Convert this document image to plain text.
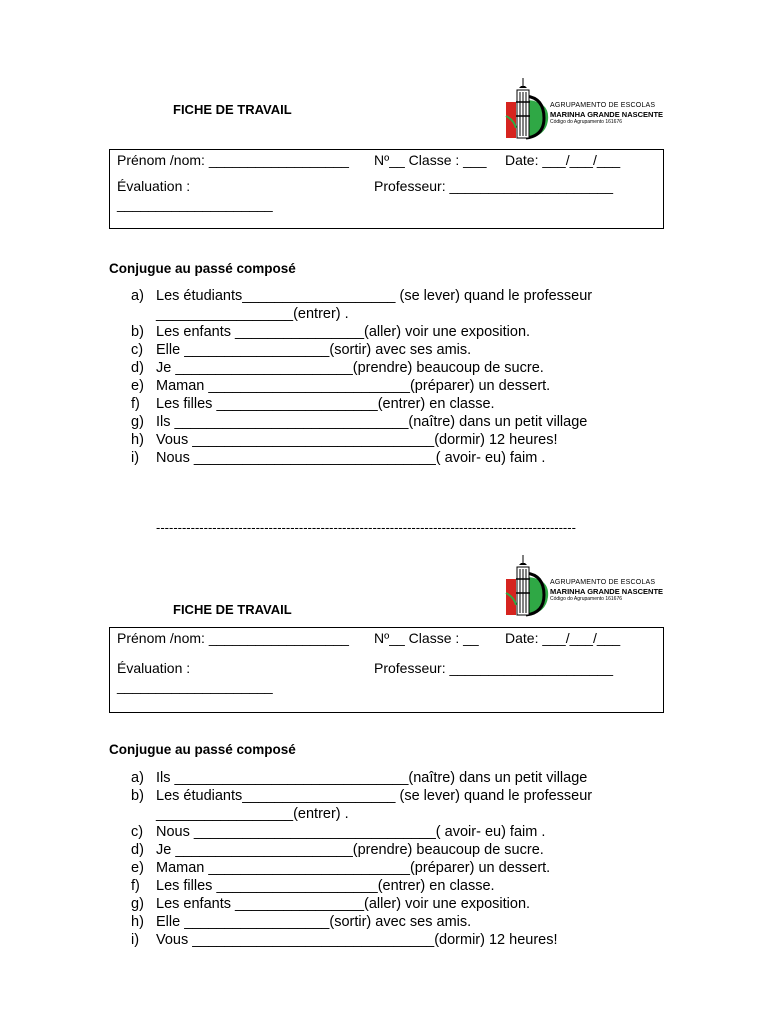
FICHE DE TRAVAIL	AGRUPAMENTO DE ESCOLAS
MARINHA GRANDE NASCENTE
Código do Agrupamento 161676
Prénom /nom: __________________ Nº__ Classe : ___ Date: ___/___/___
Évaluation :	Professeur: _____________________
____________________
Conjugue au passé composé
a) Les étudiants___________________ (se lever) quand le professeur
_________________(entrer) .
b) Les enfants ________________(aller) voir une exposition.
c) Elle __________________(sortir) avec ses amis.
d) Je ______________________(prendre) beaucoup de sucre.
e) Maman _________________________(préparer) un dessert.
f) Les filles ____________________(entrer) en classe.
g) Ils _____________________________(naître) dans un petit village
h) Vous ______________________________(dormir) 12 heures!
i) Nous ______________________________( avoir- eu) faim .
-------------------------------------------------------------------------------------------------
AGRUPAMENTO DE ESCOLAS
MARINHA GRANDE NASCENTE
Código do Agrupamento 161676
FICHE DE TRAVAIL
Prénom /nom: __________________ Nº__ Classe : __ Date: ___/___/___
Évaluation :	Professeur: _____________________
____________________
Conjugue au passé composé
a) Ils _____________________________(naître) dans un petit village
b) Les étudiants___________________ (se lever) quand le professeur
_________________(entrer) .
c) Nous ______________________________( avoir- eu) faim .
d) Je ______________________(prendre) beaucoup de sucre.
e) Maman _________________________(préparer) un dessert.
f) Les filles ____________________(entrer) en classe.
g) Les enfants ________________(aller) voir une exposition.
h) Elle __________________(sortir) avec ses amis.
i) Vous ______________________________(dormir) 12 heures!
